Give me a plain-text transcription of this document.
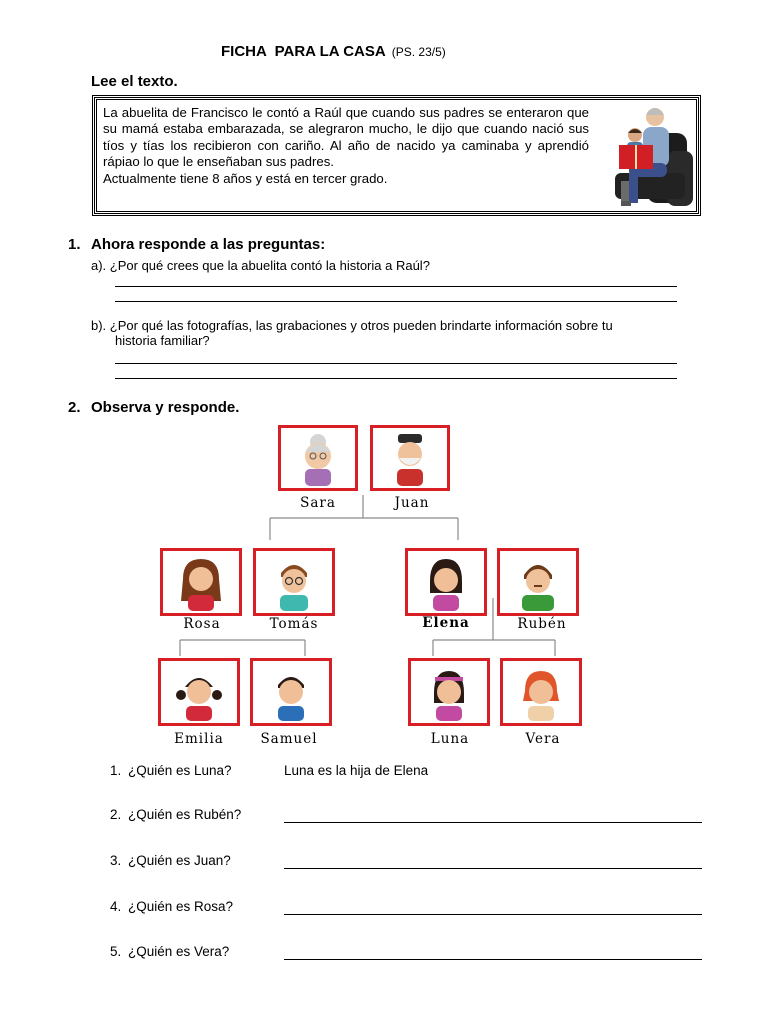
FICHA  PARA LA CASA (PS. 23/5)
Lee el texto.
La abuelita de Francisco le contó a Raúl que cuando sus padres se enteraron que su mamá estaba embarazada, se alegraron mucho, le dijo que cuando nació sus tíos y tías los recibieron con cariño. Al año de nacido ya caminaba y aprendió rápiao lo que le enseñaban sus padres.
Actualmente tiene 8 años y está en tercer grado.
1. Ahora responde a las preguntas:
a). ¿Por qué crees que la abuelita contó la historia a Raúl?
b). ¿Por qué las fotografías, las grabaciones y otros pueden brindarte información sobre tu
historia familiar?
2. Observa y responde.
Sara	Juan
Rosa	Tomás	Elena	Rubén
Emilia	Samuel	Luna	Vera
1. ¿Quién es Luna?	Luna es la hija de Elena
2. ¿Quién es Rubén?
3. ¿Quién es Juan?
4. ¿Quién es Rosa?
5. ¿Quién es Vera?
